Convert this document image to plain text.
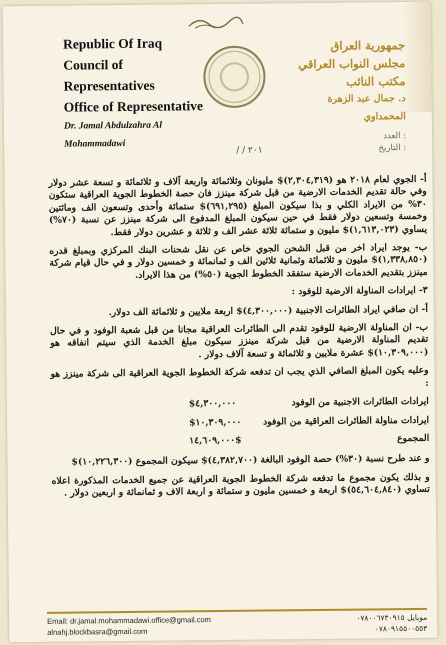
Republic Of Iraq
Council of Representatives
Office of Representative
Dr. Jamal Abdulzahra Al Mohammadawi
جمهورية العراق
مجلس النواب العراقي
مكتب النائب
د. جمال عبد الزهرة المحمداوي
العدد :
التاريخ :
/ / ٢٠١

أ- الجوي لعام ٢٠١٨ هو (٢,٣٠٤,٣١٩)$ مليونان وثلاثمائة واربعة آلاف و ثلاثمائة و تسعة عشر دولار وفي حالة تقديم الخدمات الارضية من قبل شركة مينزز فان حصة الخطوط الجوية العراقية ستكون ٣٠% من الايراد الكلي و بذا سيكون المبلغ (٦٩١,٢٩٥)$ ستمائة وأحدى وتسعون الف ومائتين وخمسة وتسعين دولار فقط في حين سيكون المبلغ المدفوع الى شركة مينزز عن نسبة (٧٠%) يساوي (١,٦١٣,٠٢٣)$ مليون و ستمائة ثلاثة عشر الف و ثلاثة و عشرين دولار فقط.

ب- يوجد ايراد اخر من قبل الشحن الجوي خاص عن نقل شحنات البنك المركزي وبمبلغ قدره (١,٣٣٨,٨٥٠)$ مليون و ثلاثمائة وثمانية ثلاثين الف و ثمانمائة و خمسين دولار و في حال قيام شركة مينزز بتقديم الخدمات الارضية ستفقد الخطوط الجوية (٥٠%) من هذا الايراد.

٣- ايرادات المناولة الارضية للوفود :

أ- ان صافي ايراد الطائرات الاجنبية (٤,٣٠٠,٠٠٠)$ اربعة ملايين و ثلاثمائة الف دولار.

ب- ان المناولة الارضية للوفود تقدم الى الطائرات العراقية مجانا من قبل شعبة الوفود و في حال تقديم المناولة الارضية من قبل شركة مينزز سيكون مبلغ الخدمة الذي سيتم انفاقه هو (١٠,٣٠٩,٠٠٠)$ عشرة ملايين و ثلاثمائة و تسعة آلاف دولار .

وعليه يكون المبلغ الصافي الذي يجب ان تدفعه شركة الخطوط الجوية العراقية الى شركة مينزز هو :

ايرادات الطائرات الاجنبية من الوفود
$٤,٣٠٠,٠٠٠
ايرادات مناولة الطائرات العراقية من الوفود
$١٠,٣٠٩,٠٠٠
المجموع
$١٤,٦٠٩,٠٠٠

و عند طرح نسبة (٣٠%) حصة الوفود البالغة (٤,٣٨٢,٧٠٠)$ سيكون المجموع (١٠,٢٢٦,٣٠٠)$

و بذلك يكون مجموع ما تدفعه شركة الخطوط الجوية العراقية عن جميع الخدمات المذكورة اعلاه تساوي (٥٤,٦٠٤,٨٤٠)$ اربعة و خمسين مليون و ستمائة و اربعة الاف و ثمانمائة و اربعين دولار .

Email: dr.jamal.mohammadawi.office@gmail.com
alnahj.blockbasra@gmail.com
موبايل ٠٧٨٠٠٦٧٣٠٩١٥
٠٧٨٠٩١٥٥٠٠٥٥٣
